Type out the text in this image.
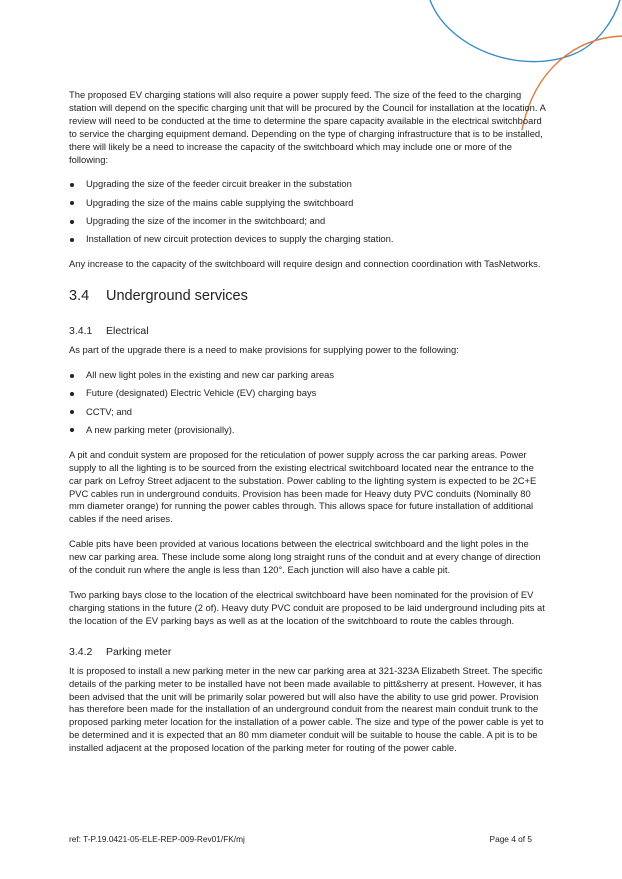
The proposed EV charging stations will also require a power supply feed. The size of the feed to the charging station will depend on the specific charging unit that will be procured by the Council for installation at the location. A review will need to be conducted at the time to determine the spare capacity available in the electrical switchboard to service the charging equipment demand. Depending on the type of charging infrastructure that is to be installed, there will likely be a need to increase the capacity of the switchboard which may include one or more of the following:

Upgrading the size of the feeder circuit breaker in the substation
Upgrading the size of the mains cable supplying the switchboard
Upgrading the size of the incomer in the switchboard; and
Installation of new circuit protection devices to supply the charging station.

Any increase to the capacity of the switchboard will require design and connection coordination with TasNetworks.

3.4 Underground services
3.4.1 Electrical

As part of the upgrade there is a need to make provisions for supplying power to the following:

All new light poles in the existing and new car parking areas
Future (designated) Electric Vehicle (EV) charging bays
CCTV; and
A new parking meter (provisionally).

A pit and conduit system are proposed for the reticulation of power supply across the car parking areas. Power supply to all the lighting is to be sourced from the existing electrical switchboard located near the entrance to the car park on Lefroy Street adjacent to the substation. Power cabling to the lighting system is expected to be 2C+E PVC cables run in underground conduits. Provision has been made for Heavy duty PVC conduits (Nominally 80 mm diameter orange) for running the power cables through. This allows space for future installation of additional cables if the need arises.

Cable pits have been provided at various locations between the electrical switchboard and the light poles in the new car parking area. These include some along long straight runs of the conduit and at every change of direction of the conduit run where the angle is less than 120°. Each junction will also have a cable pit.

Two parking bays close to the location of the electrical switchboard have been nominated for the provision of EV charging stations in the future (2 of). Heavy duty PVC conduit are proposed to be laid underground including pits at the location of the EV parking bays as well as at the location of the switchboard to route the cables through.

3.4.2 Parking meter

It is proposed to install a new parking meter in the new car parking area at 321-323A Elizabeth Street. The specific details of the parking meter to be installed have not been made available to pitt&sherry at present. However, it has been advised that the unit will be primarily solar powered but will also have the ability to use grid power. Provision has therefore been made for the installation of an underground conduit from the nearest main conduit trunk to the proposed parking meter location for the installation of a power cable. The size and type of the power cable is yet to be determined and it is expected that an 80 mm diameter conduit will be suitable to house the cable. A pit is to be installed adjacent at the proposed location of the parking meter for routing of the power cable.

ref: T-P.19.0421-05-ELE-REP-009-Rev01/FK/mj	Page 4 of 5
